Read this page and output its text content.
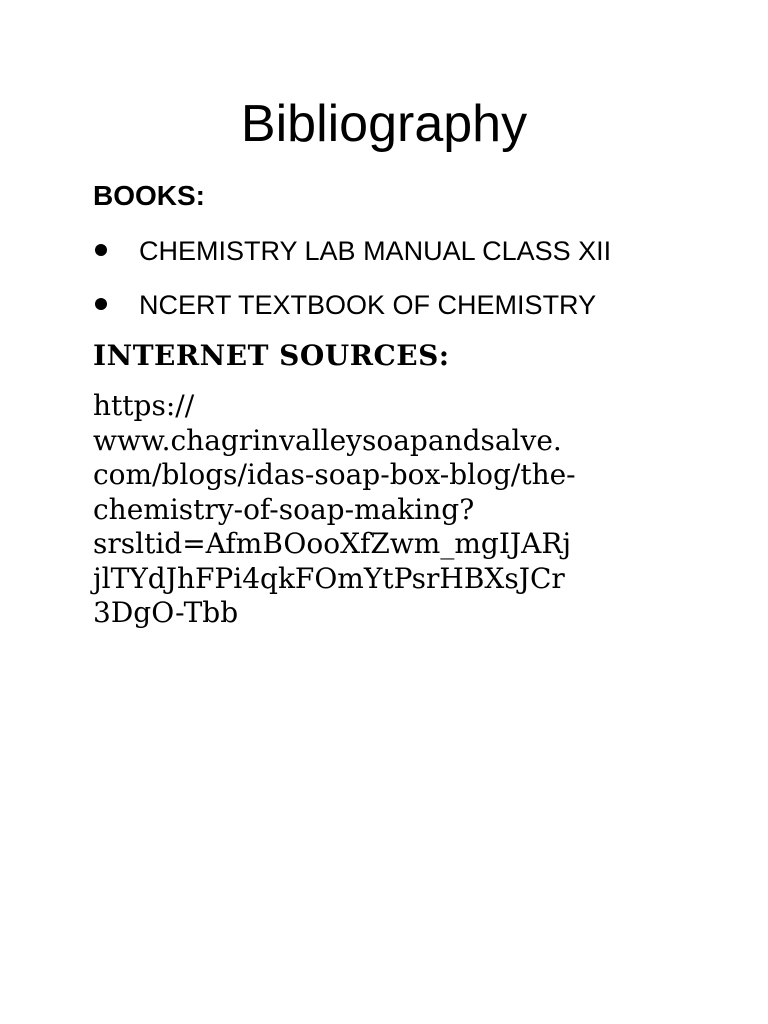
Bibliography
BOOKS:
CHEMISTRY LAB MANUAL CLASS XII
NCERT TEXTBOOK OF CHEMISTRY
INTERNET SOURCES:

https://
www.chagrinvalleysoapandsalve.
com/blogs/idas-soap-box-blog/the-
chemistry-of-soap-making?
srsltid=AfmBOooXfZwm_mgIJARj
jlTYdJhFPi4qkFOmYtPsrHBXsJCr
3DgO-Tbb
